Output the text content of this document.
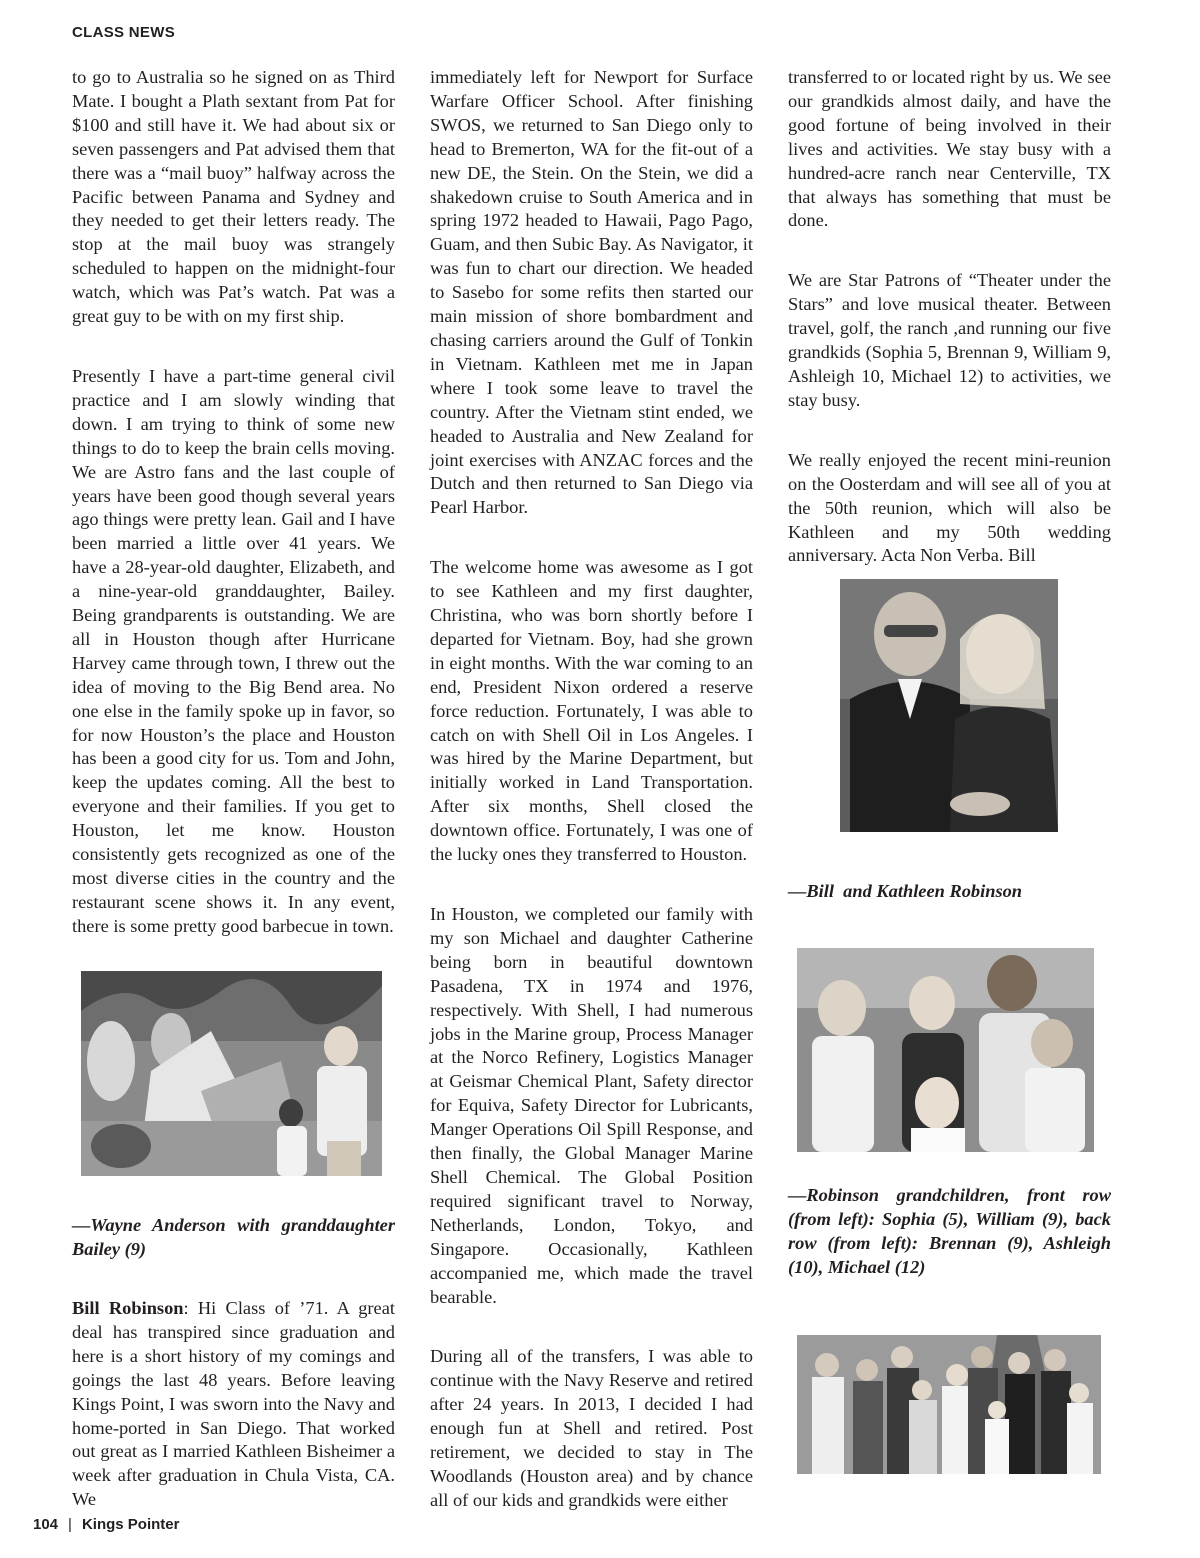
CLASS NEWS

to go to Australia so he signed on as Third Mate. I bought a Plath sextant from Pat for $100 and still have it. We had about six or seven passengers and Pat advised them that there was a “mail buoy” halfway across the Pacific between Panama and Sydney and they needed to get their letters ready. The stop at the mail buoy was strangely scheduled to happen on the midnight-four watch, which was Pat’s watch. Pat was a great guy to be with on my first ship.

Presently I have a part-time general civil practice and I am slowly winding that down. I am trying to think of some new things to do to keep the brain cells moving. We are Astro fans and the last couple of years have been good though several years ago things were pretty lean. Gail and I have been married a little over 41 years. We have a 28-year-old daughter, Elizabeth, and a nine-year-old granddaughter, Bailey. Being grandparents is outstanding. We are all in Houston though after Hurricane Harvey came through town, I threw out the idea of moving to the Big Bend area. No one else in the family spoke up in favor, so for now Houston’s the place and Houston has been a good city for us. Tom and John, keep the updates coming. All the best to everyone and their families. If you get to Houston, let me know. Houston consistently gets recognized as one of the most diverse cities in the country and the restaurant scene shows it. In any event, there is some pretty good barbecue in town.

—Wayne Anderson with granddaughter Bailey (9)
Bill Robinson: Hi Class of ’71. A great deal has transpired since graduation and here is a short history of my comings and goings the last 48 years. Before leaving Kings Point, I was sworn into the Navy and home-ported in San Diego. That worked out great as I married Kathleen Bisheimer a week after graduation in Chula Vista, CA. We

immediately left for Newport for Surface Warfare Officer School. After finishing SWOS, we returned to San Diego only to head to Bremerton, WA for the fit-out of a new DE, the Stein. On the Stein, we did a shakedown cruise to South America and in spring 1972 headed to Hawaii, Pago Pago, Guam, and then Subic Bay. As Navigator, it was fun to chart our direction. We headed to Sasebo for some refits then started our main mission of shore bombardment and chasing carriers around the Gulf of Tonkin in Vietnam. Kathleen met me in Japan where I took some leave to travel the country. After the Vietnam stint ended, we headed to Australia and New Zealand for joint exercises with ANZAC forces and the Dutch and then returned to San Diego via Pearl Harbor.

The welcome home was awesome as I got to see Kathleen and my first daughter, Christina, who was born shortly before I departed for Vietnam. Boy, had she grown in eight months. With the war coming to an end, President Nixon ordered a reserve force reduction. Fortunately, I was able to catch on with Shell Oil in Los Angeles. I was hired by the Marine Department, but initially worked in Land Transportation. After six months, Shell closed the downtown office. Fortunately, I was one of the lucky ones they transferred to Houston.

In Houston, we completed our family with my son Michael and daughter Catherine being born in beautiful downtown Pasadena, TX in 1974 and 1976, respectively. With Shell, I had numerous jobs in the Marine group, Process Manager at the Norco Refinery, Logistics Manager at Geismar Chemical Plant, Safety director for Equiva, Safety Director for Lubricants, Manger Operations Oil Spill Response, and then finally, the Global Manager Marine Shell Chemical. The Global Position required significant travel to Norway, Netherlands, London, Tokyo, and Singapore. Occasionally, Kathleen accompanied me, which made the travel bearable.

During all of the transfers, I was able to continue with the Navy Reserve and retired after 24 years. In 2013, I decided I had enough fun at Shell and retired. Post retirement, we decided to stay in The Woodlands (Houston area) and by chance all of our kids and grandkids were either

transferred to or located right by us. We see our grandkids almost daily, and have the good fortune of being involved in their lives and activities. We stay busy with a hundred-acre ranch near Centerville, TX that always has something that must be done.

We are Star Patrons of “Theater under the Stars” and love musical theater. Between travel, golf, the ranch ,and running our five grandkids (Sophia 5, Brennan 9, William 9, Ashleigh 10, Michael 12) to activities, we stay busy.

We really enjoyed the recent mini-reunion on the Oosterdam and will see all of you at the 50th reunion, which will also be Kathleen and my 50th wedding anniversary. Acta Non Verba. Bill

—Bill  and Kathleen Robinson
—Robinson grandchildren, front row (from left): Sophia (5), William (9), back row (from left): Brennan (9), Ashleigh (10), Michael (12)
104 | Kings Pointer
